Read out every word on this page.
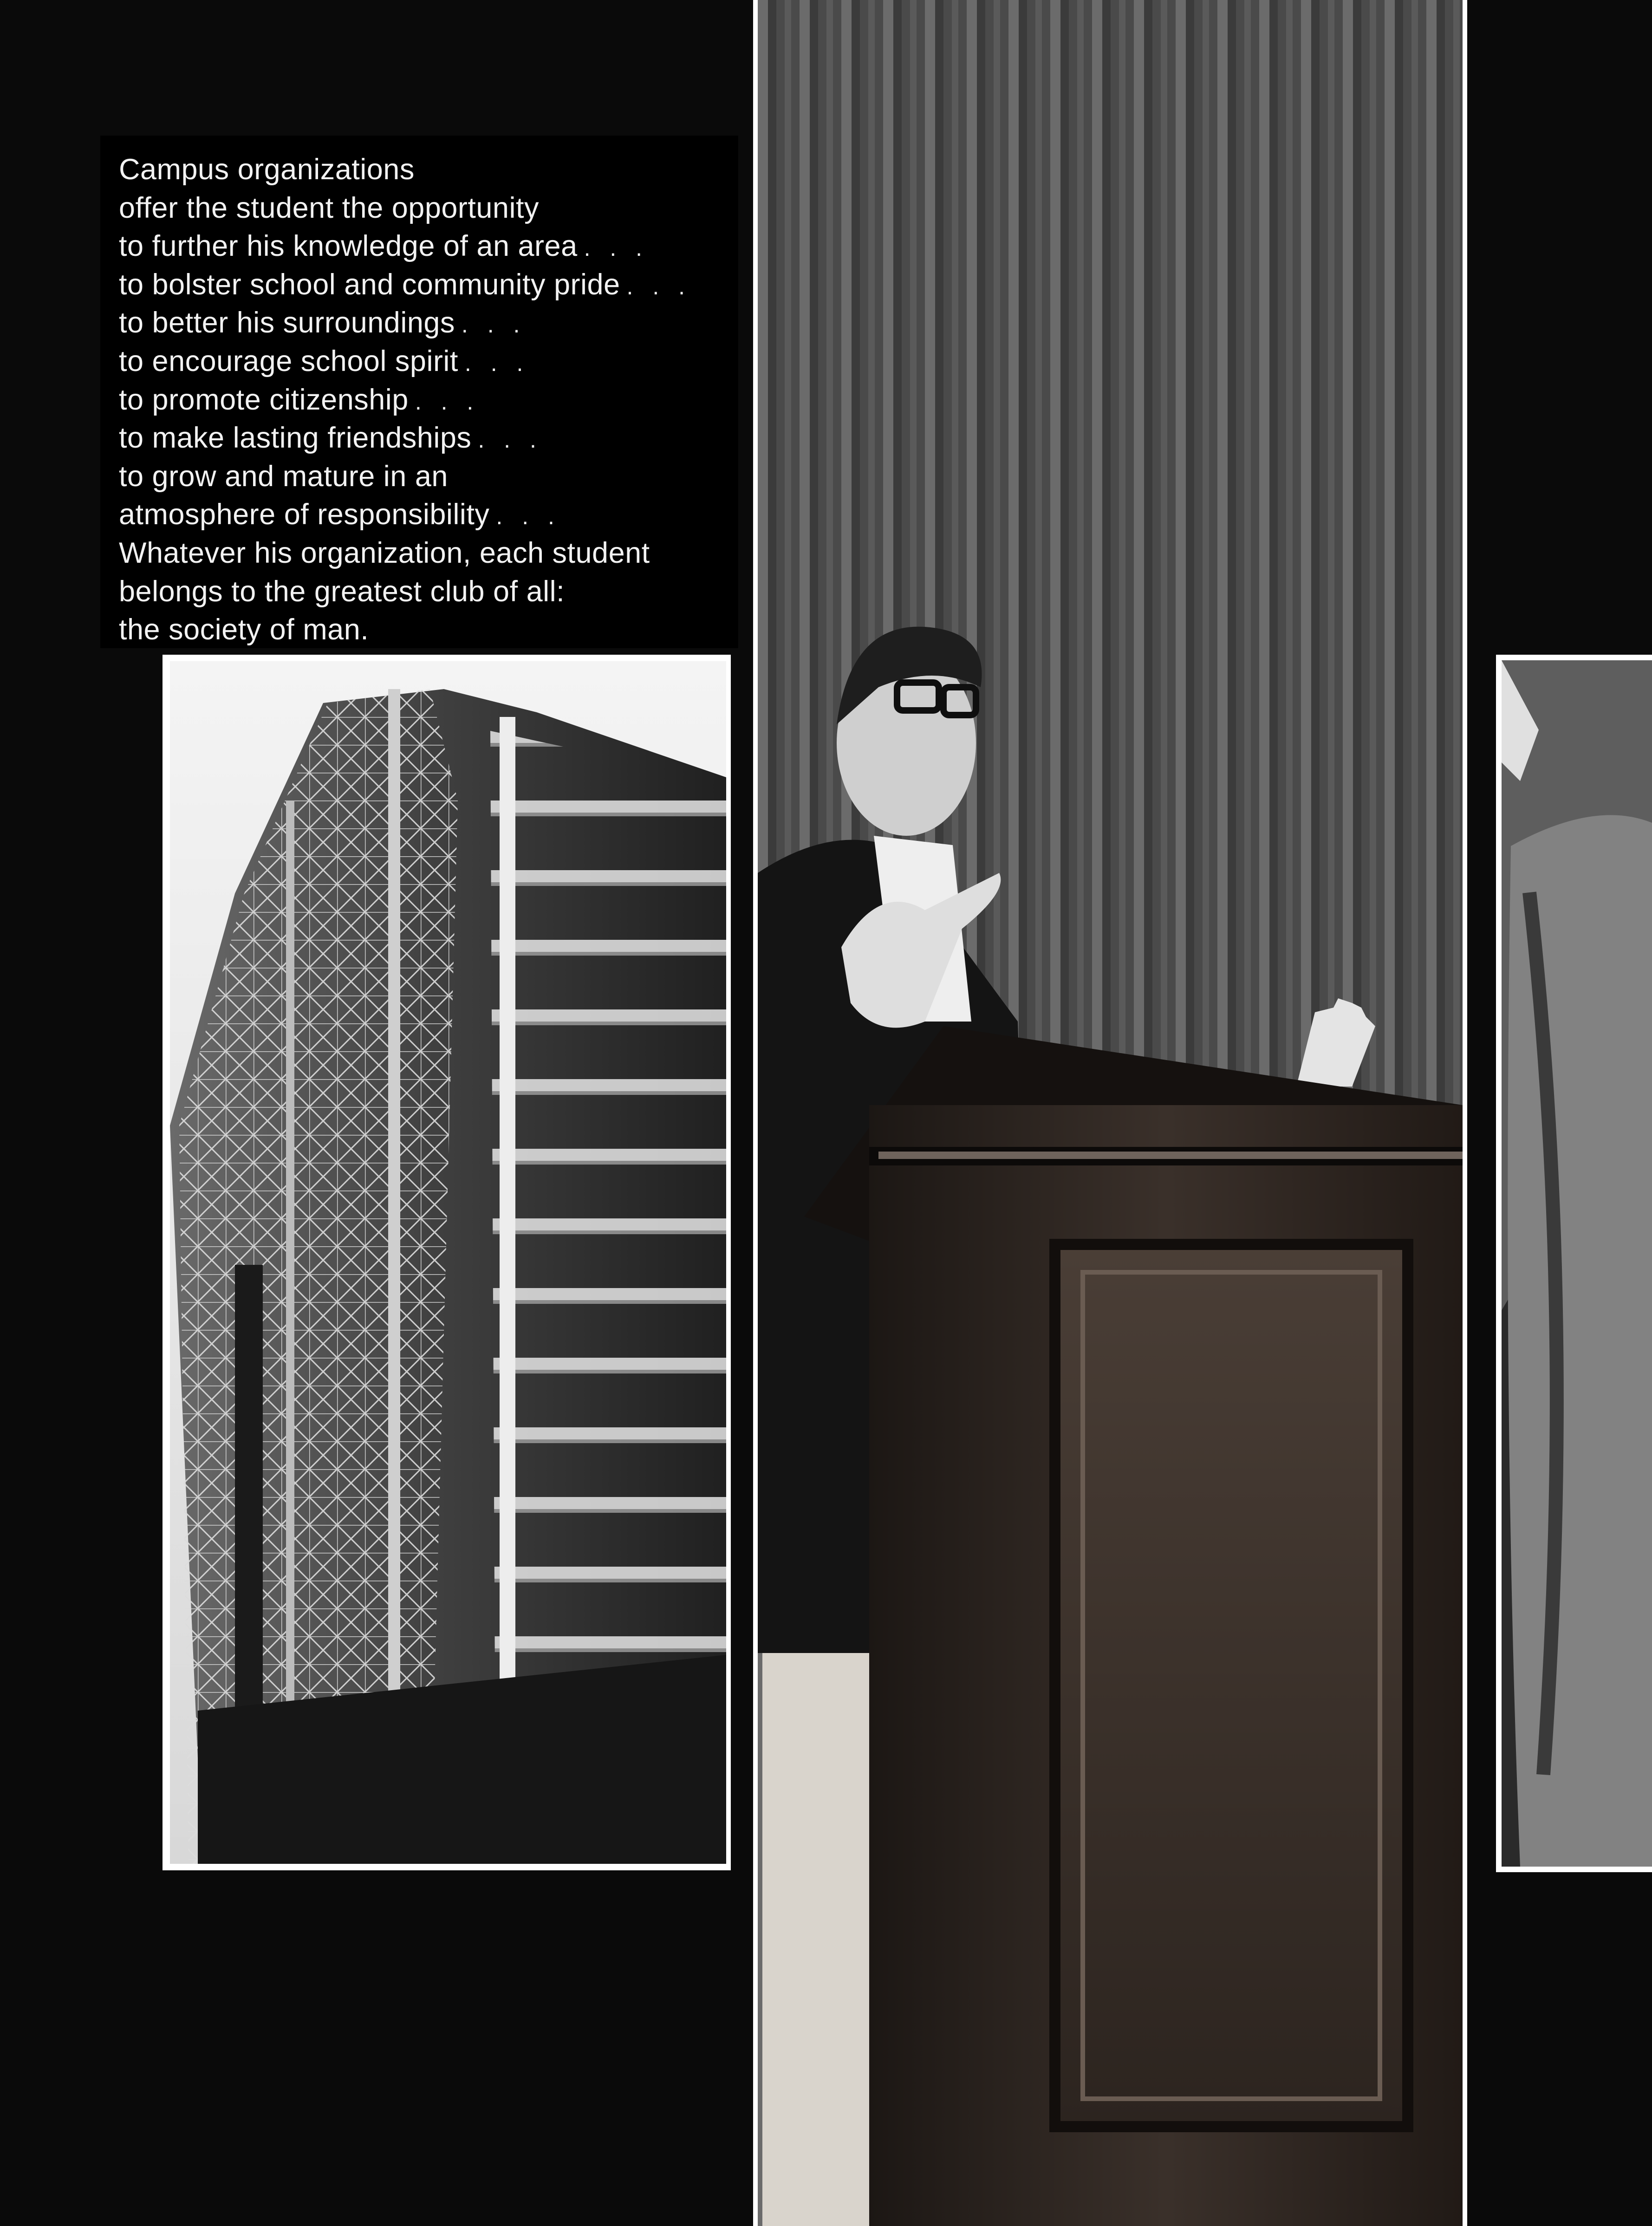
Campus organizations
offer the student the opportunity
to further his knowledge of an area . . .
to bolster school and community pride . . .
to better his surroundings . . .
to encourage school spirit . . .
to promote citizenship . . .
to make lasting friendships . . .
to grow and mature in an
atmosphere of responsibility . . .
Whatever his organization, each student
belongs to the greatest club of all:
the society of man.
